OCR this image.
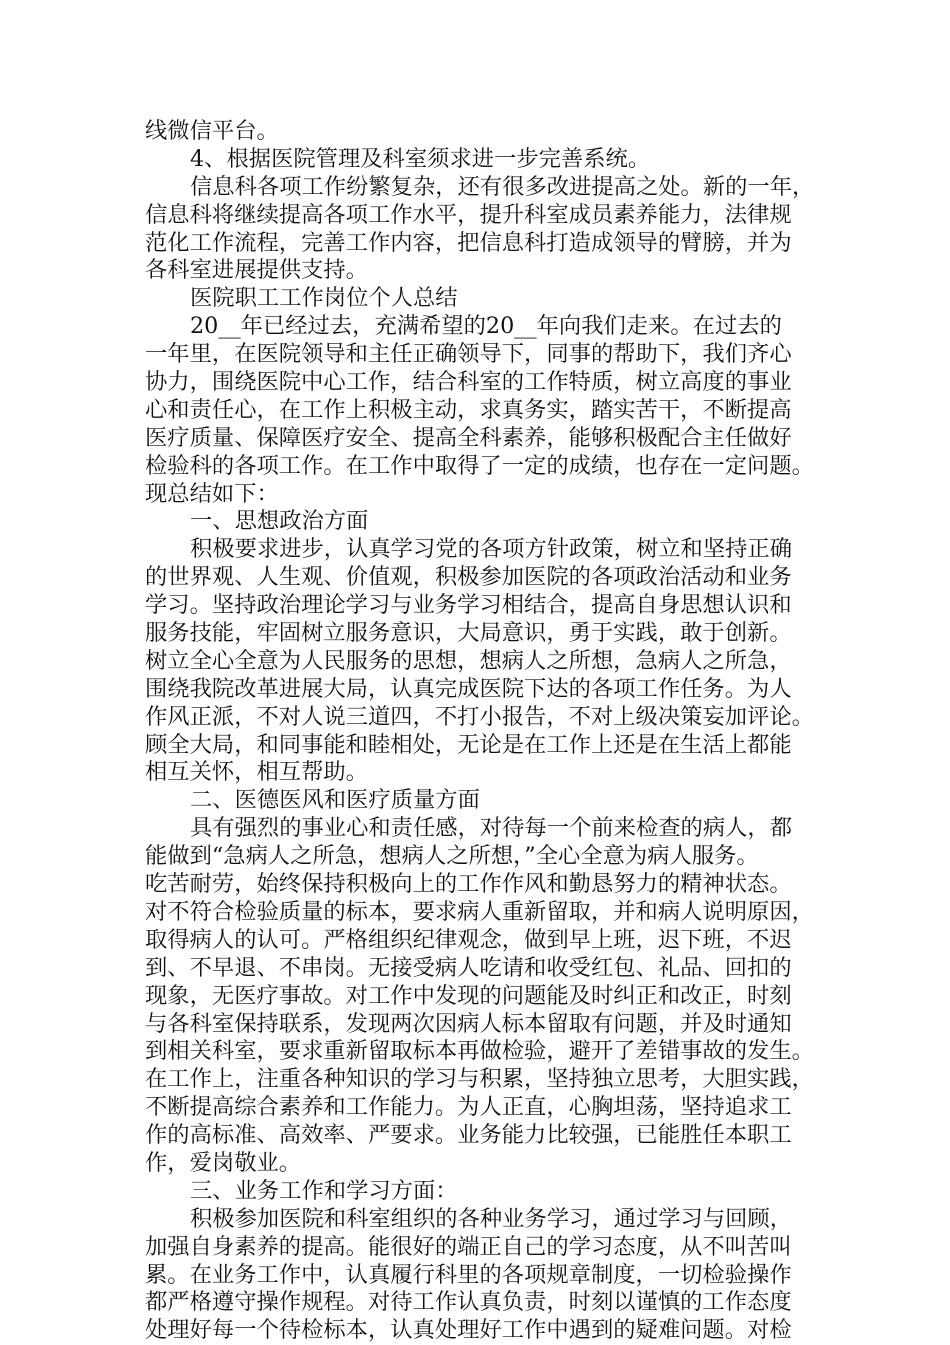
线微信平台。
4、根据医院管理及科室须求进一步完善系统。
信息科各项工作纷繁复杂，还有很多改进提高之处。新的一年，
信息科将继续提高各项工作水平，提升科室成员素养能力，法律规
范化工作流程，完善工作内容，把信息科打造成领导的臂膀，并为
各科室进展提供支持。
医院职工工作岗位个人总结
20__年已经过去，充满希望的20__年向我们走来。在过去的
一年里，在医院领导和主任正确领导下，同事的帮助下，我们齐心
协力，围绕医院中心工作，结合科室的工作特质，树立高度的事业
心和责任心，在工作上积极主动，求真务实，踏实苦干，不断提高
医疗质量、保障医疗安全、提高全科素养，能够积极配合主任做好
检验科的各项工作。在工作中取得了一定的成绩，也存在一定问题。
现总结如下：
一、思想政治方面
积极要求进步，认真学习党的各项方针政策，树立和坚持正确
的世界观、人生观、价值观，积极参加医院的各项政治活动和业务
学习。坚持政治理论学习与业务学习相结合，提高自身思想认识和
服务技能，牢固树立服务意识，大局意识，勇于实践，敢于创新。
树立全心全意为人民服务的思想，想病人之所想，急病人之所急，
围绕我院改革进展大局，认真完成医院下达的各项工作任务。为人
作风正派，不对人说三道四，不打小报告，不对上级决策妄加评论。
顾全大局，和同事能和睦相处，无论是在工作上还是在生活上都能
相互关怀，相互帮助。
二、医德医风和医疗质量方面
具有强烈的事业心和责任感，对待每一个前来检查的病人，都
能做到“急病人之所急，想病人之所想，”全心全意为病人服务。
吃苦耐劳，始终保持积极向上的工作作风和勤恳努力的精神状态。
对不符合检验质量的标本，要求病人重新留取，并和病人说明原因，
取得病人的认可。严格组织纪律观念，做到早上班，迟下班，不迟
到、不早退、不串岗。无接受病人吃请和收受红包、礼品、回扣的
现象，无医疗事故。对工作中发现的问题能及时纠正和改正，时刻
与各科室保持联系，发现两次因病人标本留取有问题，并及时通知
到相关科室，要求重新留取标本再做检验，避开了差错事故的发生。
在工作上，注重各种知识的学习与积累，坚持独立思考，大胆实践，
不断提高综合素养和工作能力。为人正直，心胸坦荡，坚持追求工
作的高标准、高效率、严要求。业务能力比较强，已能胜任本职工
作，爱岗敬业。
三、业务工作和学习方面：
积极参加医院和科室组织的各种业务学习，通过学习与回顾，
加强自身素养的提高。能很好的端正自己的学习态度，从不叫苦叫
累。在业务工作中，认真履行科里的各项规章制度，一切检验操作
都严格遵守操作规程。对待工作认真负责，时刻以谨慎的工作态度
处理好每一个待检标本，认真处理好工作中遇到的疑难问题。对检
